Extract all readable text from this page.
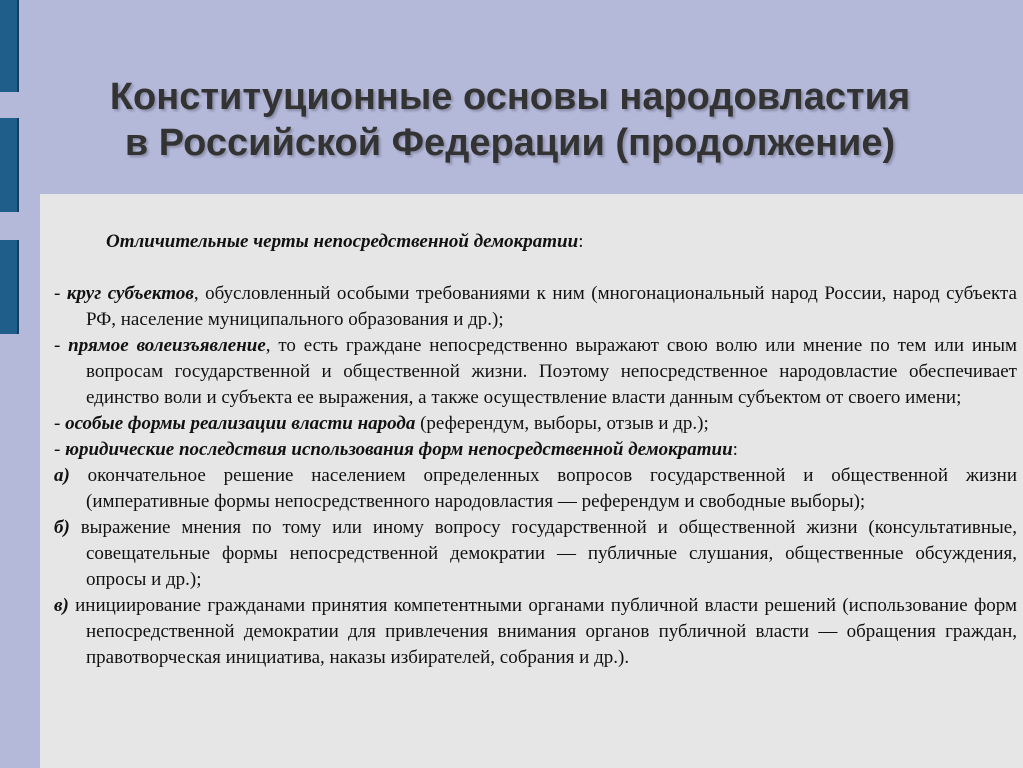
Конституционные основы народовластия
в Российской Федерации (продолжение)
Отличительные черты непосредственной демократии:
- круг субъектов, обусловленный особыми требованиями к ним (многонациональный народ России, народ субъекта РФ, население муниципального образования и др.);
- прямое волеизъявление, то есть граждане непосредственно выражают свою волю или мнение по тем или иным вопросам государственной и общественной жизни. Поэтому непосредственное народовластие обеспечивает единство воли и субъекта ее выражения, а также осуществление власти данным субъектом от своего имени;
- особые формы реализации власти народа (референдум, выборы, отзыв и др.);
- юридические последствия использования форм непосредственной демократии:
а) окончательное решение населением определенных вопросов государственной и общественной жизни (императивные формы непосредственного народовластия — референдум и свободные выборы);
б) выражение мнения по тому или иному вопросу государственной и общественной жизни (консультативные, совещательные формы непосредственной демократии — публичные слушания, общественные обсуждения, опросы и др.);
в) инициирование гражданами принятия компетентными органами публичной власти решений (использование форм непосредственной демократии для привлечения внимания органов публичной власти — обращения граждан, правотворческая инициатива, наказы избирателей, собрания и др.).
